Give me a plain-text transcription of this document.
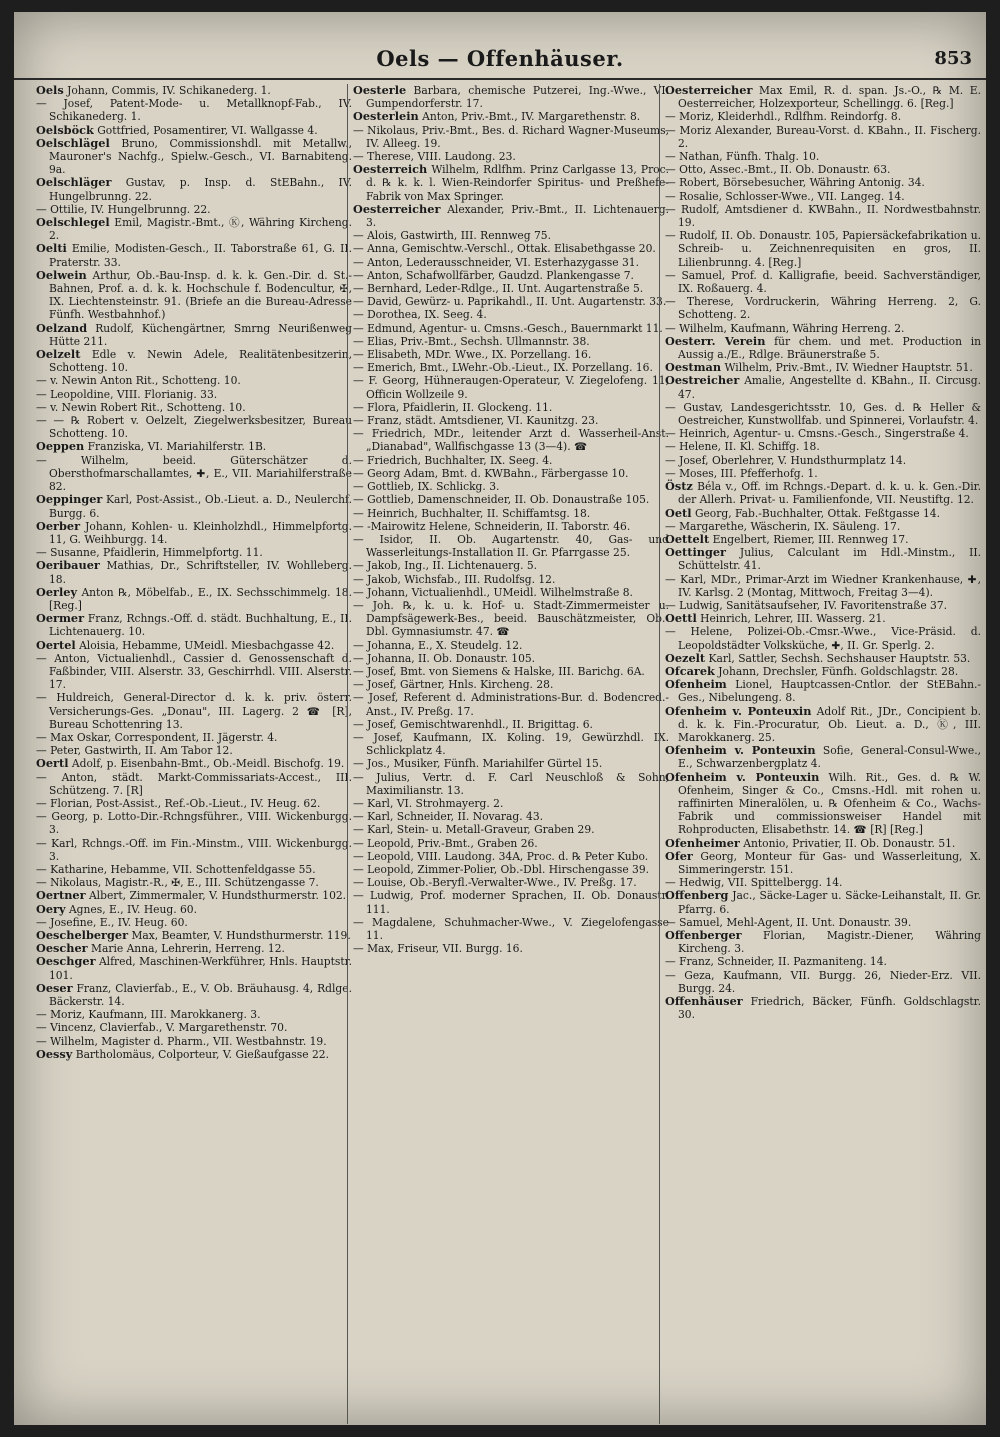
Oels — Offenhäuser.	853
Oels Johann, Commis, IV. Schikanederg. 1.
— Josef, Patent-Mode- u. Metallknopf-Fab., IV. Schikanederg. 1.
Oelsböck Gottfried, Posamentirer, VI. Wallgasse 4.
Oelschlägel Bruno, Commissionshdl. mit Metallw., Mauroner's Nachfg., Spielw.-Gesch., VI. Barnabiteng. 9a.
Oelschläger Gustav, p. Insp. d. StEBahn., IV. Hungelbrunng. 22.
— Ottilie, IV. Hungelbrunng. 22.
Oelschlegel Emil, Magistr.-Bmt., Ⓚ, Währing Kircheng. 2.
Oelti Emilie, Modisten-Gesch., II. Taborstraße 61, G. II. Praterstr. 33.
Oelwein Arthur, Ob.-Bau-Insp. d. k. k. Gen.-Dir. d. St.-Bahnen, Prof. a. d. k. k. Hochschule f. Bodencultur, ✠, IX. Liechtensteinstr. 91. (Briefe an die Bureau-Adresse Fünfh. Westbahnhof.)
Oelzand Rudolf, Küchengärtner, Smrng Neurißenweg Hütte 211.
Oelzelt Edle v. Newin Adele, Realitätenbesitzerin, Schotteng. 10.
— v. Newin Anton Rit., Schotteng. 10.
— Leopoldine, VIII. Florianig. 33.
— v. Newin Robert Rit., Schotteng. 10.
— — ℞ Robert v. Oelzelt, Ziegelwerksbesitzer, Bureau Schotteng. 10.
Oeppen Franziska, VI. Mariahilferstr. 1B.
— Wilhelm, beeid. Güterschätzer d. Obersthofmarschallamtes, ✚, E., VII. Mariahilferstraße 82.
Oeppinger Karl, Post-Assist., Ob.-Lieut. a. D., Neulerchf. Burgg. 6.
Oerber Johann, Kohlen- u. Kleinholzhdl., Himmelpfortg. 11, G. Weihburgg. 14.
— Susanne, Pfaidlerin, Himmelpfortg. 11.
Oeribauer Mathias, Dr., Schriftsteller, IV. Wohlleberg. 18.
Oerley Anton ℞, Möbelfab., E., IX. Sechsschimmelg. 18. [Reg.]
Oermer Franz, Rchngs.-Off. d. städt. Buchhaltung, E., II. Lichtenauerg. 10.
Oertel Aloisia, Hebamme, UMeidl. Miesbachgasse 42.
— Anton, Victualienhdl., Cassier d. Genossenschaft d. Faßbinder, VIII. Alserstr. 33, Geschirrhdl. VIII. Alserstr. 17.
— Huldreich, General-Director d. k. k. priv. österr. Versicherungs-Ges. „Donau", III. Lagerg. 2 ☎ [R], Bureau Schottenring 13.
— Max Oskar, Correspondent, II. Jägerstr. 4.
— Peter, Gastwirth, II. Am Tabor 12.
Oertl Adolf, p. Eisenbahn-Bmt., Ob.-Meidl. Bischofg. 19.
— Anton, städt. Markt-Commissariats-Accest., III. Schützeng. 7. [R]
— Florian, Post-Assist., Ref.-Ob.-Lieut., IV. Heug. 62.
— Georg, p. Lotto-Dir.-Rchngsführer., VIII. Wickenburgg. 3.
— Karl, Rchngs.-Off. im Fin.-Minstm., VIII. Wickenburgg. 3.
— Katharine, Hebamme, VII. Schottenfeldgasse 55.
— Nikolaus, Magistr.-R., ✠, E., III. Schützengasse 7.
Oertner Albert, Zimmermaler, V. Hundsthurmerstr. 102.
Oery Agnes, E., IV. Heug. 60.
— Josefine, E., IV. Heug. 60.
Oeschelberger Max, Beamter, V. Hundsthurmerstr. 119.
Oescher Marie Anna, Lehrerin, Herreng. 12.
Oeschger Alfred, Maschinen-Werkführer, Hnls. Hauptstr. 101.
Oeser Franz, Clavierfab., E., V. Ob. Bräuhausg. 4, Rdlge. Bäckerstr. 14.
— Moriz, Kaufmann, III. Marokkanerg. 3.
— Vincenz, Clavierfab., V. Margarethenstr. 70.
— Wilhelm, Magister d. Pharm., VII. Westbahnstr. 19.
Oessy Bartholomäus, Colporteur, V. Gießaufgasse 22.
Oesterle Barbara, chemische Putzerei, Ing.-Wwe., VI. Gumpendorferstr. 17.
Oesterlein Anton, Priv.-Bmt., IV. Margarethenstr. 8.
— Nikolaus, Priv.-Bmt., Bes. d. Richard Wagner-Museums, IV. Alleeg. 19.
— Therese, VIII. Laudong. 23.
Oesterreich Wilhelm, Rdlfhm. Prinz Carlgasse 13, Proc. d. ℞ k. k. l. Wien-Reindorfer Spiritus- und Preßhefe-Fabrik von Max Springer.
Oesterreicher Alexander, Priv.-Bmt., II. Lichtenauerg. 3.
— Alois, Gastwirth, III. Rennweg 75.
— Anna, Gemischtw.-Verschl., Ottak. Elisabethgasse 20.
— Anton, Lederausschneider, VI. Esterhazygasse 31.
— Anton, Schafwollfärber, Gaudzd. Plankengasse 7.
— Bernhard, Leder-Rdlge., II. Unt. Augartenstraße 5.
— David, Gewürz- u. Paprikahdl., II. Unt. Augartenstr. 33.
— Dorothea, IX. Seeg. 4.
— Edmund, Agentur- u. Cmsns.-Gesch., Bauernmarkt 11.
— Elias, Priv.-Bmt., Sechsh. Ullmannstr. 38.
— Elisabeth, MDr. Wwe., IX. Porzellang. 16.
— Emerich, Bmt., LWehr.-Ob.-Lieut., IX. Porzellang. 16.
— F. Georg, Hühneraugen-Operateur, V. Ziegelofeng. 11, Officin Wollzeile 9.
— Flora, Pfaidlerin, II. Glockeng. 11.
— Franz, städt. Amtsdiener, VI. Kaunitzg. 23.
— Friedrich, MDr., leitender Arzt d. Wasserheil-Anst. „Dianabad", Wallfischgasse 13 (3—4). ☎
— Friedrich, Buchhalter, IX. Seeg. 4.
— Georg Adam, Bmt. d. KWBahn., Färbergasse 10.
— Gottlieb, IX. Schlickg. 3.
— Gottlieb, Damenschneider, II. Ob. Donaustraße 105.
— Heinrich, Buchhalter, II. Schiffamtsg. 18.
— -Mairowitz Helene, Schneiderin, II. Taborstr. 46.
— Isidor, II. Ob. Augartenstr. 40, Gas- und Wasserleitungs-Installation II. Gr. Pfarrgasse 25.
— Jakob, Ing., II. Lichtenauerg. 5.
— Jakob, Wichsfab., III. Rudolfsg. 12.
— Johann, Victualienhdl., UMeidl. Wilhelmstraße 8.
— Joh. ℞, k. u. k. Hof- u. Stadt-Zimmermeister u. Dampfsägewerk-Bes., beeid. Bauschätzmeister, Ob.-Dbl. Gymnasiumstr. 47. ☎
— Johanna, E., X. Steudelg. 12.
— Johanna, II. Ob. Donaustr. 105.
— Josef, Bmt. von Siemens & Halske, III. Barichg. 6A.
— Josef, Gärtner, Hnls. Kircheng. 28.
— Josef, Referent d. Administrations-Bur. d. Bodencred.-Anst., IV. Preßg. 17.
— Josef, Gemischtwarenhdl., II. Brigittag. 6.
— Josef, Kaufmann, IX. Koling. 19, Gewürzhdl. IX. Schlickplatz 4.
— Jos., Musiker, Fünfh. Mariahilfer Gürtel 15.
— Julius, Vertr. d. F. Carl Neuschloß & Sohn, Maximilianstr. 13.
— Karl, VI. Strohmayerg. 2.
— Karl, Schneider, II. Novarag. 43.
— Karl, Stein- u. Metall-Graveur, Graben 29.
— Leopold, Priv.-Bmt., Graben 26.
— Leopold, VIII. Laudong. 34A, Proc. d. ℞ Peter Kubo.
— Leopold, Zimmer-Polier, Ob.-Dbl. Hirschengasse 39.
— Louise, Ob.-Beryfl.-Verwalter-Wwe., IV. Preßg. 17.
— Ludwig, Prof. moderner Sprachen, II. Ob. Donaustr. 111.
— Magdalene, Schuhmacher-Wwe., V. Ziegelofengasse 11.
— Max, Friseur, VII. Burgg. 16.
Oesterreicher Max Emil, R. d. span. Js.-O., ℞ M. E. Oesterreicher, Holzexporteur, Schellingg. 6. [Reg.]
— Moriz, Kleiderhdl., Rdlfhm. Reindorfg. 8.
— Moriz Alexander, Bureau-Vorst. d. KBahn., II. Fischerg. 2.
— Nathan, Fünfh. Thalg. 10.
— Otto, Assec.-Bmt., II. Ob. Donaustr. 63.
— Robert, Börsebesucher, Währing Antonig. 34.
— Rosalie, Schlosser-Wwe., VII. Langeg. 14.
— Rudolf, Amtsdiener d. KWBahn., II. Nordwestbahnstr. 19.
— Rudolf, II. Ob. Donaustr. 105, Papiersäckefabrikation u. Schreib- u. Zeichnenrequisiten en gros, II. Lilienbrunng. 4. [Reg.]
— Samuel, Prof. d. Kalligrafie, beeid. Sachverständiger, IX. Roßauerg. 4.
— Therese, Vordruckerin, Währing Herreng. 2, G. Schotteng. 2.
— Wilhelm, Kaufmann, Währing Herreng. 2.
Oesterr. Verein für chem. und met. Production in Aussig a./E., Rdlge. Bräunerstraße 5.
Oestman Wilhelm, Priv.-Bmt., IV. Wiedner Hauptstr. 51.
Oestreicher Amalie, Angestellte d. KBahn., II. Circusg. 47.
— Gustav, Landesgerichtsstr. 10, Ges. d. ℞ Heller & Oestreicher, Kunstwollfab. und Spinnerei, Vorlaufstr. 4.
— Heinrich, Agentur- u. Cmsns.-Gesch., Singerstraße 4.
— Helene, II. Kl. Schiffg. 18.
— Josef, Oberlehrer, V. Hundsthurmplatz 14.
— Moses, III. Pfefferhofg. 1.
Östz Béla v., Off. im Rchngs.-Depart. d. k. u. k. Gen.-Dir. der Allerh. Privat- u. Familienfonde, VII. Neustiftg. 12.
Oetl Georg, Fab.-Buchhalter, Ottak. Feßtgasse 14.
— Margarethe, Wäscherin, IX. Säuleng. 17.
Oettelt Engelbert, Riemer, III. Rennweg 17.
Oettinger Julius, Calculant im Hdl.-Minstm., II. Schüttelstr. 41.
— Karl, MDr., Primar-Arzt im Wiedner Krankenhause, ✚, IV. Karlsg. 2 (Montag, Mittwoch, Freitag 3—4).
— Ludwig, Sanitätsaufseher, IV. Favoritenstraße 37.
Oettl Heinrich, Lehrer, III. Wasserg. 21.
— Helene, Polizei-Ob.-Cmsr.-Wwe., Vice-Präsid. d. Leopoldstädter Volksküche, ✚, II. Gr. Sperlg. 2.
Oezelt Karl, Sattler, Sechsh. Sechshauser Hauptstr. 53.
Ofcarek Johann, Drechsler, Fünfh. Goldschlagstr. 28.
Ofenheim Lionel, Hauptcassen-Cntlor. der StEBahn.-Ges., Nibelungeng. 8.
Ofenheim v. Ponteuxin Adolf Rit., JDr., Concipient b. d. k. k. Fin.-Procuratur, Ob. Lieut. a. D., Ⓚ, III. Marokkanerg. 25.
Ofenheim v. Ponteuxin Sofie, General-Consul-Wwe., E., Schwarzenbergplatz 4.
Ofenheim v. Ponteuxin Wilh. Rit., Ges. d. ℞ W. Ofenheim, Singer & Co., Cmsns.-Hdl. mit rohen u. raffinirten Mineralölen, u. ℞ Ofenheim & Co., Wachs-Fabrik und commissionsweiser Handel mit Rohproducten, Elisabethstr. 14. ☎ [R] [Reg.]
Ofenheimer Antonio, Privatier, II. Ob. Donaustr. 51.
Ofer Georg, Monteur für Gas- und Wasserleitung, X. Simmeringerstr. 151.
— Hedwig, VII. Spittelbergg. 14.
Offenberg Jac., Säcke-Lager u. Säcke-Leihanstalt, II. Gr. Pfarrg. 6.
— Samuel, Mehl-Agent, II. Unt. Donaustr. 39.
Offenberger Florian, Magistr.-Diener, Währing Kircheng. 3.
— Franz, Schneider, II. Pazmaniteng. 14.
— Geza, Kaufmann, VII. Burgg. 26, Nieder-Erz. VII. Burgg. 24.
Offenhäuser Friedrich, Bäcker, Fünfh. Goldschlagstr. 30.
